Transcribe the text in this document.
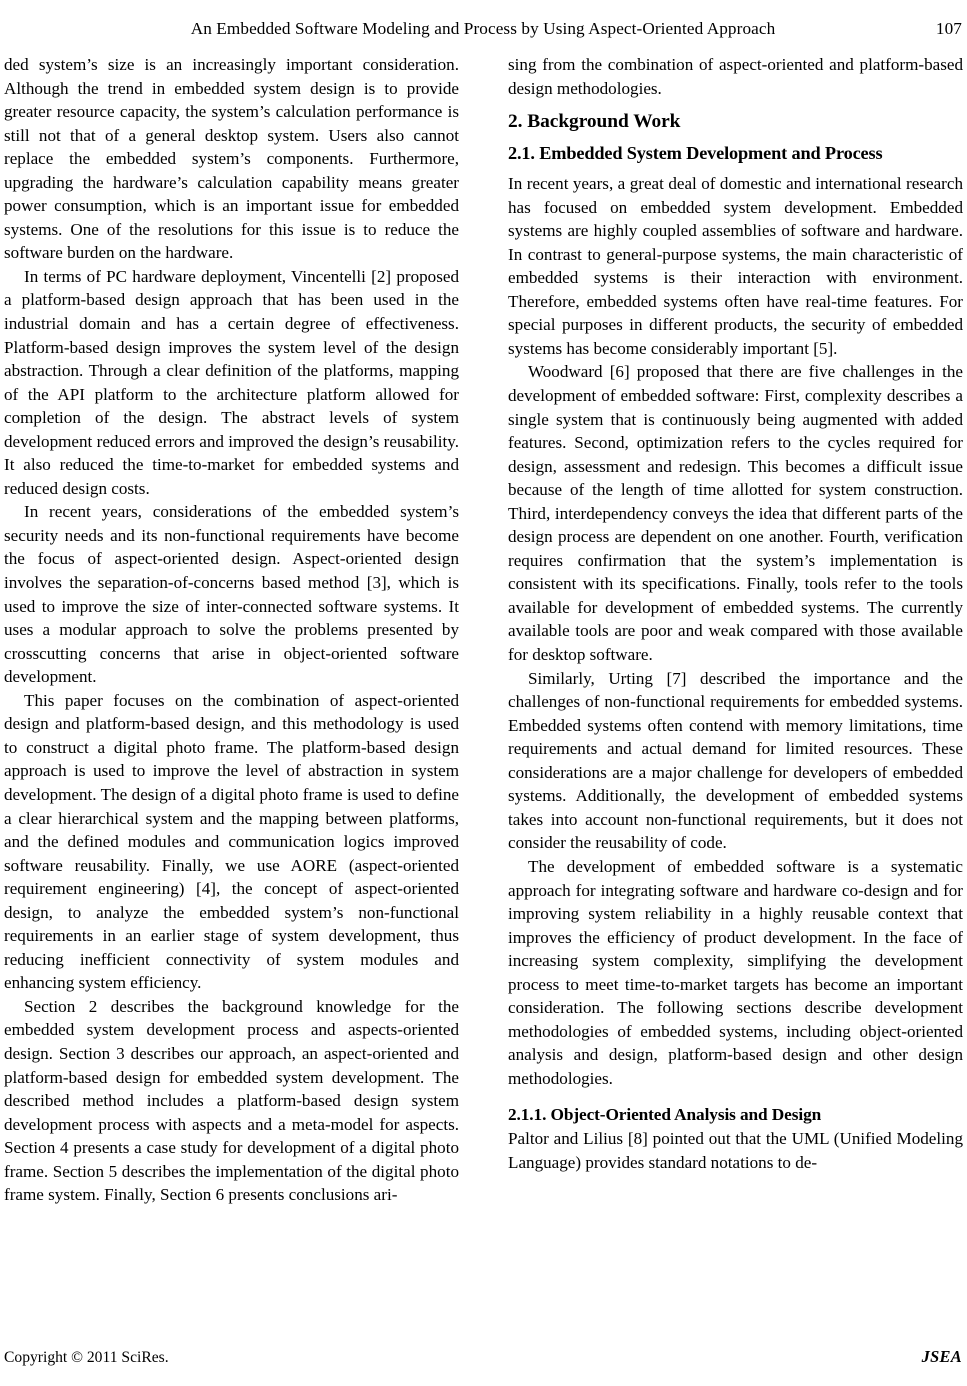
An Embedded Software Modeling and Process by Using Aspect-Oriented Approach	107

ded system’s size is an increasingly important consideration. Although the trend in embedded system design is to provide greater resource capacity, the system’s calculation performance is still not that of a general desktop system. Users also cannot replace the embedded system’s components. Furthermore, upgrading the hardware’s calculation capability means greater power consumption, which is an important issue for embedded systems. One of the resolutions for this issue is to reduce the software burden on the hardware.

In terms of PC hardware deployment, Vincentelli [2] proposed a platform-based design approach that has been used in the industrial domain and has a certain degree of effectiveness. Platform-based design improves the system level of the design abstraction. Through a clear definition of the platforms, mapping of the API platform to the architecture platform allowed for completion of the design. The abstract levels of system development reduced errors and improved the design’s reusability. It also reduced the time-to-market for embedded systems and reduced design costs.

In recent years, considerations of the embedded system’s security needs and its non-functional requirements have become the focus of aspect-oriented design. Aspect-oriented design involves the separation-of-concerns based method [3], which is used to improve the size of inter-connected software systems. It uses a modular approach to solve the problems presented by crosscutting concerns that arise in object-oriented software development.

This paper focuses on the combination of aspect-oriented design and platform-based design, and this methodology is used to construct a digital photo frame. The platform-based design approach is used to improve the level of abstraction in system development. The design of a digital photo frame is used to define a clear hierarchical system and the mapping between platforms, and the defined modules and communication logics improved software reusability. Finally, we use AORE (aspect-oriented requirement engineering) [4], the concept of aspect-oriented design, to analyze the embedded system’s non-functional requirements in an earlier stage of system development, thus reducing inefficient connectivity of system modules and enhancing system efficiency.

Section 2 describes the background knowledge for the embedded system development process and aspects-oriented design. Section 3 describes our approach, an aspect-oriented and platform-based design for embedded system development. The described method includes a platform-based design system development process with aspects and a meta-model for aspects. Section 4 presents a case study for development of a digital photo frame. Section 5 describes the implementation of the digital photo frame system. Finally, Section 6 presents conclusions ari-

sing from the combination of aspect-oriented and platform-based design methodologies.

2. Background Work
2.1. Embedded System Development and Process

In recent years, a great deal of domestic and international research has focused on embedded system development. Embedded systems are highly coupled assemblies of software and hardware. In contrast to general-purpose systems, the main characteristic of embedded systems is their interaction with environment. Therefore, embedded systems often have real-time features. For special purposes in different products, the security of embedded systems has become considerably important [5].

Woodward [6] proposed that there are five challenges in the development of embedded software: First, complexity describes a single system that is continuously being augmented with added features. Second, optimization refers to the cycles required for design, assessment and redesign. This becomes a difficult issue because of the length of time allotted for system construction. Third, interdependency conveys the idea that different parts of the design process are dependent on one another. Fourth, verification requires confirmation that the system’s implementation is consistent with its specifications. Finally, tools refer to the tools available for development of embedded systems. The currently available tools are poor and weak compared with those available for desktop software.

Similarly, Urting [7] described the importance and the challenges of non-functional requirements for embedded systems. Embedded systems often contend with memory limitations, time requirements and actual demand for limited resources. These considerations are a major challenge for developers of embedded systems. Additionally, the development of embedded systems takes into account non-functional requirements, but it does not consider the reusability of code.

The development of embedded software is a systematic approach for integrating software and hardware co-design and for improving system reliability in a highly reusable context that improves the efficiency of product development. In the face of increasing system complexity, simplifying the development process to meet time-to-market targets has become an important consideration. The following sections describe development methodologies of embedded systems, including object-oriented analysis and design, platform-based design and other design methodologies.

2.1.1. Object-Oriented Analysis and Design

Paltor and Lilius [8] pointed out that the UML (Unified Modeling Language) provides standard notations to de-

Copyright © 2011 SciRes.	JSEA
